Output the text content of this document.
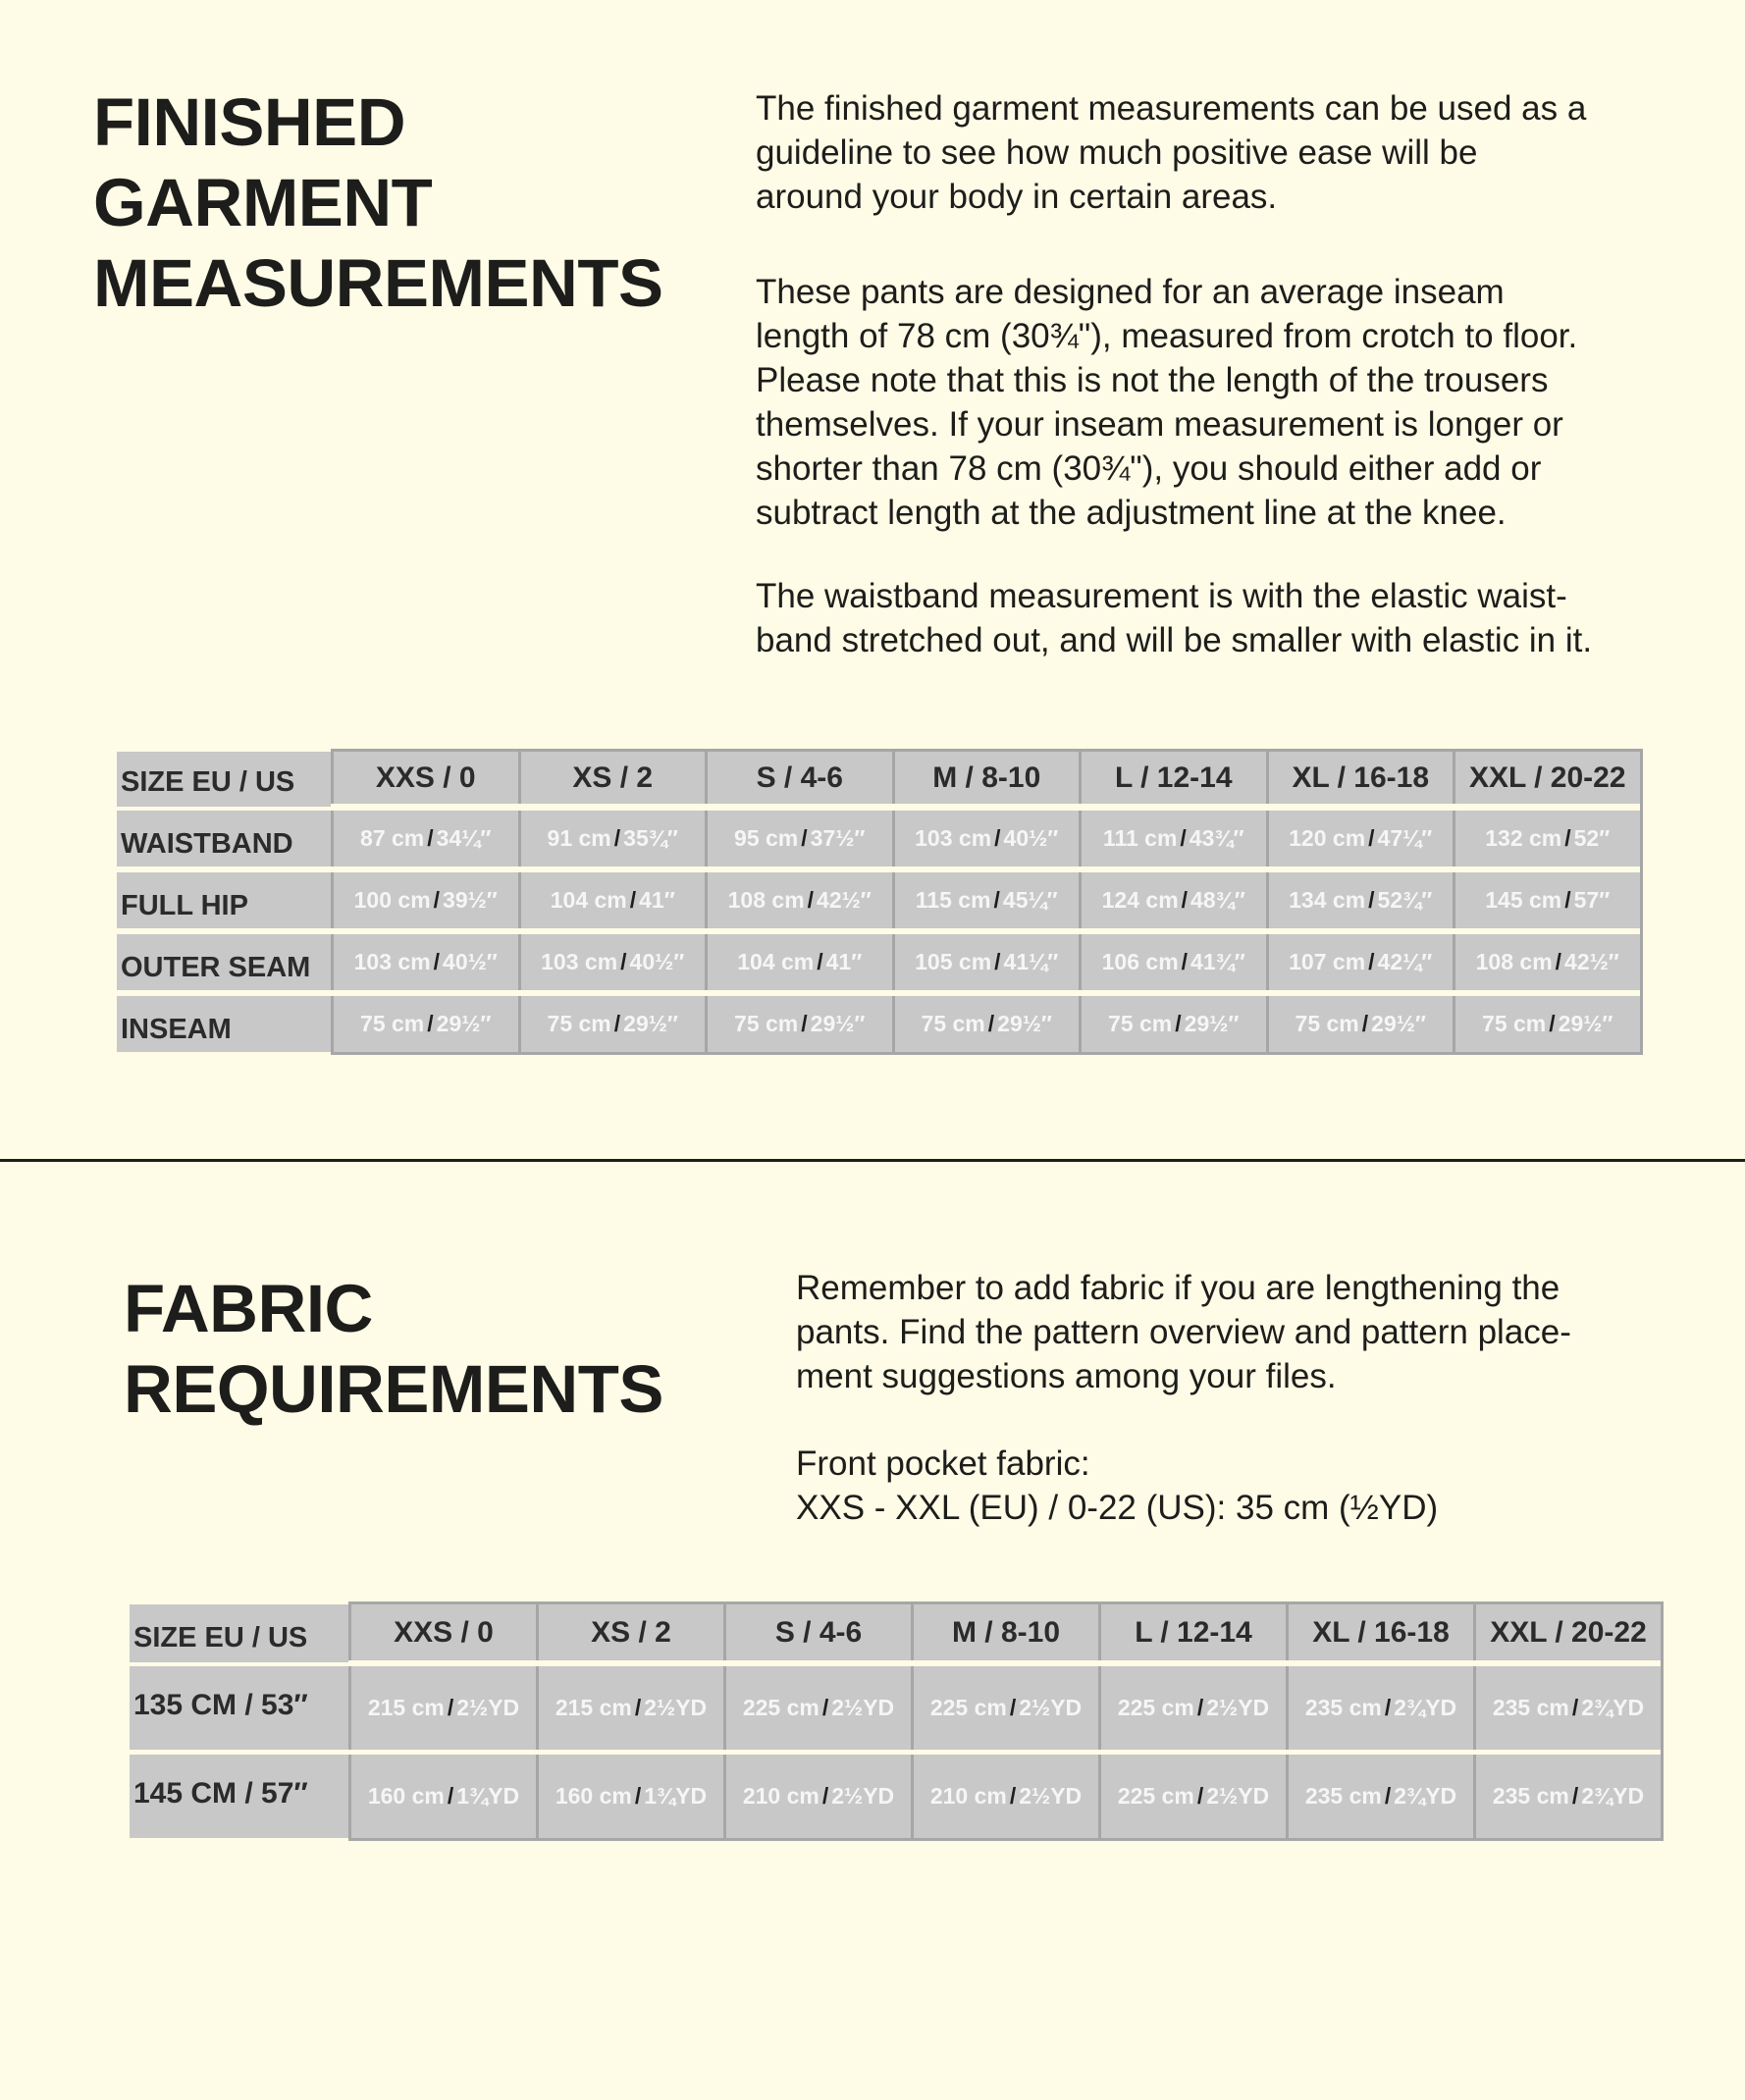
FINISHED
GARMENT
MEASUREMENTS
The finished garment measurements can be used as a
guideline to see how much positive ease will be
around your body in certain areas.
These pants are designed for an average inseam
length of 78 cm (30¾"), measured from crotch to floor.
Please note that this is not the length of the trousers
themselves. If your inseam measurement is longer or
shorter than 78 cm (30¾"), you should either add or
subtract length at the adjustment line at the knee.
The waistband measurement is with the elastic waist-
band stretched out, and will be smaller with elastic in it.
SIZE EU / US	XXS / 0	XS / 2	S / 4-6	M / 8-10	L / 12-14	XL / 16-18	XXL / 20-22
WAISTBAND	87 cm / 34¼″ 91 cm / 35¾″ 95 cm / 37½″ 103 cm / 40½″ 111 cm / 43¾″ 120 cm / 47¼″ 132 cm / 52″
FULL HIP	100 cm / 39½″ 104 cm / 41″ 108 cm / 42½″ 115 cm / 45¼″ 124 cm / 48¾″ 134 cm / 52¾″ 145 cm / 57″
OUTER SEAM	103 cm / 40½″ 103 cm / 40½″ 104 cm / 41″ 105 cm / 41¼″ 106 cm / 41¾″ 107 cm / 42¼″ 108 cm / 42½″
INSEAM	75 cm / 29½″ 75 cm / 29½″ 75 cm / 29½″ 75 cm / 29½″ 75 cm / 29½″ 75 cm / 29½″ 75 cm / 29½″
FABRIC
REQUIREMENTS
Remember to add fabric if you are lengthening the
pants. Find the pattern overview and pattern place-
ment suggestions among your files.
Front pocket fabric:
XXS - XXL (EU) / 0-22 (US): 35 cm (½YD)
SIZE EU / US	XXS / 0	XS / 2	S / 4-6	M / 8-10	L / 12-14	XL / 16-18	XXL / 20-22
135 CM / 53″	215 cm / 2½YD 215 cm / 2½YD 225 cm / 2½YD 225 cm / 2½YD 225 cm / 2½YD 235 cm / 2¾YD 235 cm / 2¾YD
145 CM / 57″	160 cm / 1¾YD 160 cm / 1¾YD 210 cm / 2½YD 210 cm / 2½YD 225 cm / 2½YD 235 cm / 2¾YD 235 cm / 2¾YD
